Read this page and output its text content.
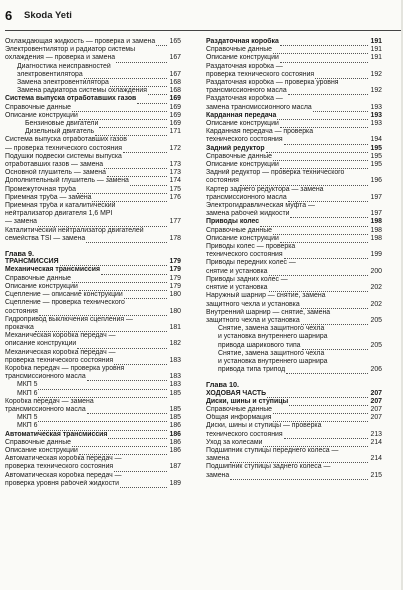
6 Skoda Yeti
Охлаждающая жидкость — проверка и замена 165
Электровентилятор и радиатор системы
охлаждения — проверка и замена	167
Диагностика неисправностей
электровентилятора	167
Замена электровентилятора	168
Замена радиатора системы охлаждения	168
Система выпуска отработавших газов	169
Справочные данные	169
Описание конструкции	169
Бензиновые двигатели	169
Дизельный двигатель	171
Система выпуска отработавших газов
— проверка технического состояния	172
Подушки подвески системы выпуска
отработавших газов — замена	173
Основной глушитель — замена	173
Дополнительный глушитель — замена	174
Промежуточная труба	175
Приемная труба — замена	176
Приемная труба и каталитический
нейтрализатор двигателя 1,6 MPI
— замена	177
Каталитический нейтрализатор двигателей
семейства TSI — замена	178
Глава 9.
ТРАНСМИССИЯ	179
Механическая трансмиссия	179
Справочные данные	179
Описание конструкции	179
Сцепление — описание конструкции	180
Сцепление — проверка технического
состояния	180
Гидропривод выключения сцепления —
прокачка	181
Механическая коробка передач —
описание конструкции	182
Механическая коробка передач —
проверка технического состояния	183
Коробка передач — проверка уровня
трансмиссионного масла	183
МКП 5	183
МКП 6	185
Коробка передач — замена
трансмиссионного масла	185
МКП 5	185
МКП 6	186
Автоматическая трансмиссия	186
Справочные данные	186
Описание конструкции	186
Автоматическая коробка передач —
проверка технического состояния	187
Автоматическая коробка передач —
проверка уровня рабочей жидкости	189
Раздаточная коробка	191
Справочные данные	191
Описание конструкции	191
Раздаточная коробка —
проверка технического состояния	192
Раздаточная коробка — проверка уровня
трансмиссионного масла	192
Раздаточная коробка —
замена трансмиссионного масла	193
Карданная передача	193
Описание конструкции	193
Карданная передача — проверка
технического состояния	194
Задний редуктор	195
Справочные данные	195
Описание конструкции	195
Задний редуктор — проверка технического
состояния	196
Картер заднего редуктора — замена
трансмиссионного масла	197
Электрогидравлическая муфта —
замена рабочей жидкости	197
Приводы колес	198
Справочные данные	198
Описание конструкции	198
Приводы колес — проверка
технического состояния	199
Приводы передних колес —
снятие и установка	200
Приводы задних колес —
снятие и установка	202
Наружный шарнир — снятие, замена
защитного чехла и установка	202
Внутренний шарнир — снятие, замена
защитного чехла и установка	205
Снятие, замена защитного чехла
и установка внутреннего шарнира
привода шарикового типа	205
Снятие, замена защитного чехла
и установка внутреннего шарнира
привода типа трипод	206
Глава 10.
ХОДОВАЯ ЧАСТЬ	207
Диски, шины и ступицы	207
Справочные данные	207
Общая информация	207
Диски, шины и ступицы — проверка
технического состояния	213
Уход за колесами	214
Подшипник ступицы переднего колеса —
замена	214
Подшипник ступицы заднего колеса —
замена	215
